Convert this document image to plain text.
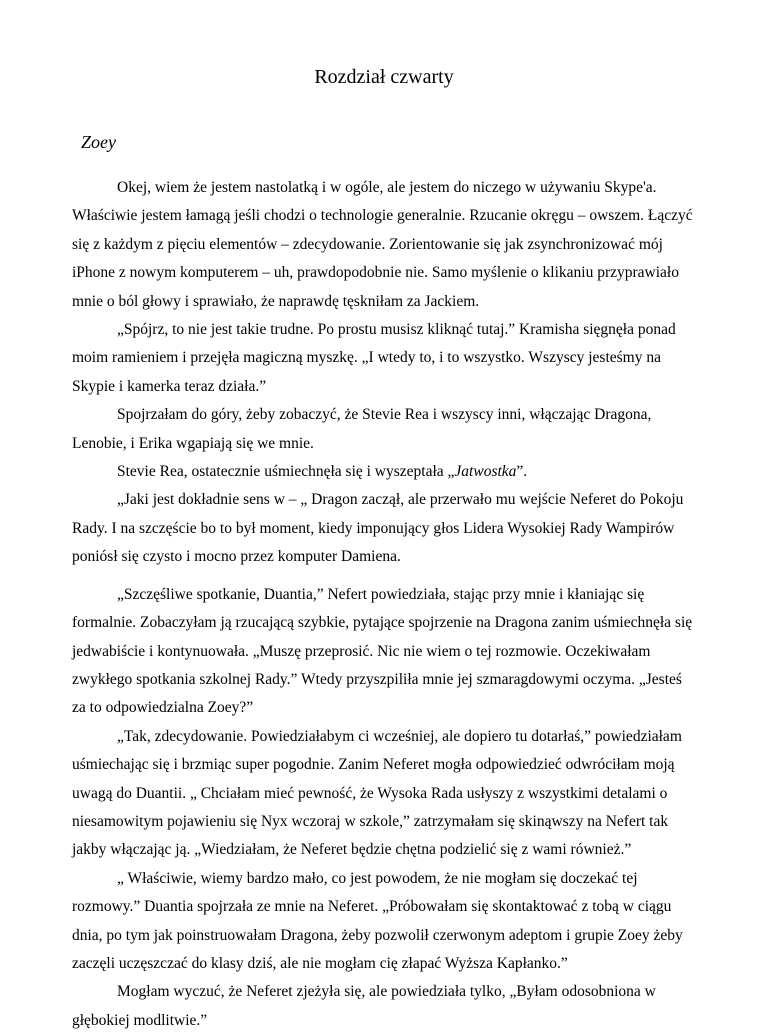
Rozdział czwarty

Zoey

Okej, wiem że jestem nastolatką i w ogóle, ale jestem do niczego w używaniu Skype'a. Właściwie jestem łamagą jeśli chodzi o technologie generalnie. Rzucanie okręgu – owszem. Łączyć się z każdym z pięciu elementów – zdecydowanie. Zorientowanie się jak zsynchronizować mój iPhone z nowym komputerem – uh, prawdopodobnie nie. Samo myślenie o klikaniu przyprawiało mnie o ból głowy i sprawiało, że naprawdę tęskniłam za Jackiem.

„Spójrz, to nie jest takie trudne. Po prostu musisz kliknąć tutaj.” Kramisha sięgnęła ponad moim ramieniem i przejęła magiczną myszkę. „I wtedy to, i to wszystko. Wszyscy jesteśmy na Skypie i kamerka teraz działa.”

Spojrzałam do góry, żeby zobaczyć, że Stevie Rea i wszyscy inni, włączając Dragona, Lenobie, i Erika wgapiają się we mnie.

Stevie Rea, ostatecznie uśmiechnęła się i wyszeptała „Jatwostka”.

„Jaki jest dokładnie sens w – „ Dragon zaczął, ale przerwało mu wejście Neferet do Pokoju Rady. I na szczęście bo to był moment, kiedy imponujący głos Lidera Wysokiej Rady Wampirów poniósł się czysto i mocno przez komputer Damiena.

„Szczęśliwe spotkanie, Duantia,” Nefert powiedziała, stając przy mnie i kłaniając się formalnie. Zobaczyłam ją rzucającą szybkie, pytające spojrzenie na Dragona zanim uśmiechnęła się jedwabiście i kontynuowała. „Muszę przeprosić. Nic nie wiem o tej rozmowie. Oczekiwałam zwykłego spotkania szkolnej Rady.” Wtedy przyszpiliła mnie jej szmaragdowymi oczyma. „Jesteś za to odpowiedzialna Zoey?”

„Tak, zdecydowanie. Powiedziałabym ci wcześniej, ale dopiero tu dotarłaś,” powiedziałam uśmiechając się i brzmiąc super pogodnie. Zanim Neferet mogła odpowiedzieć odwróciłam moją uwagą do Duantii. „ Chciałam mieć pewność, że Wysoka Rada usłyszy z wszystkimi detalami o niesamowitym pojawieniu się Nyx wczoraj w szkole,” zatrzymałam się skinąwszy na Nefert tak jakby włączając ją. „Wiedziałam, że Neferet będzie chętna podzielić się z wami również.”

„ Właściwie, wiemy bardzo mało, co jest powodem, że nie mogłam się doczekać tej rozmowy.” Duantia spojrzała ze mnie na Neferet. „Próbowałam się skontaktować z tobą w ciągu dnia, po tym jak poinstruowałam Dragona, żeby pozwolił czerwonym adeptom i grupie Zoey żeby zaczęli uczęszczać do klasy dziś, ale nie mogłam cię złapać Wyższa Kapłanko.”

Mogłam wyczuć, że Neferet zjeżyła się, ale powiedziała tylko, „Byłam odosobniona w głębokiej modlitwie.”
